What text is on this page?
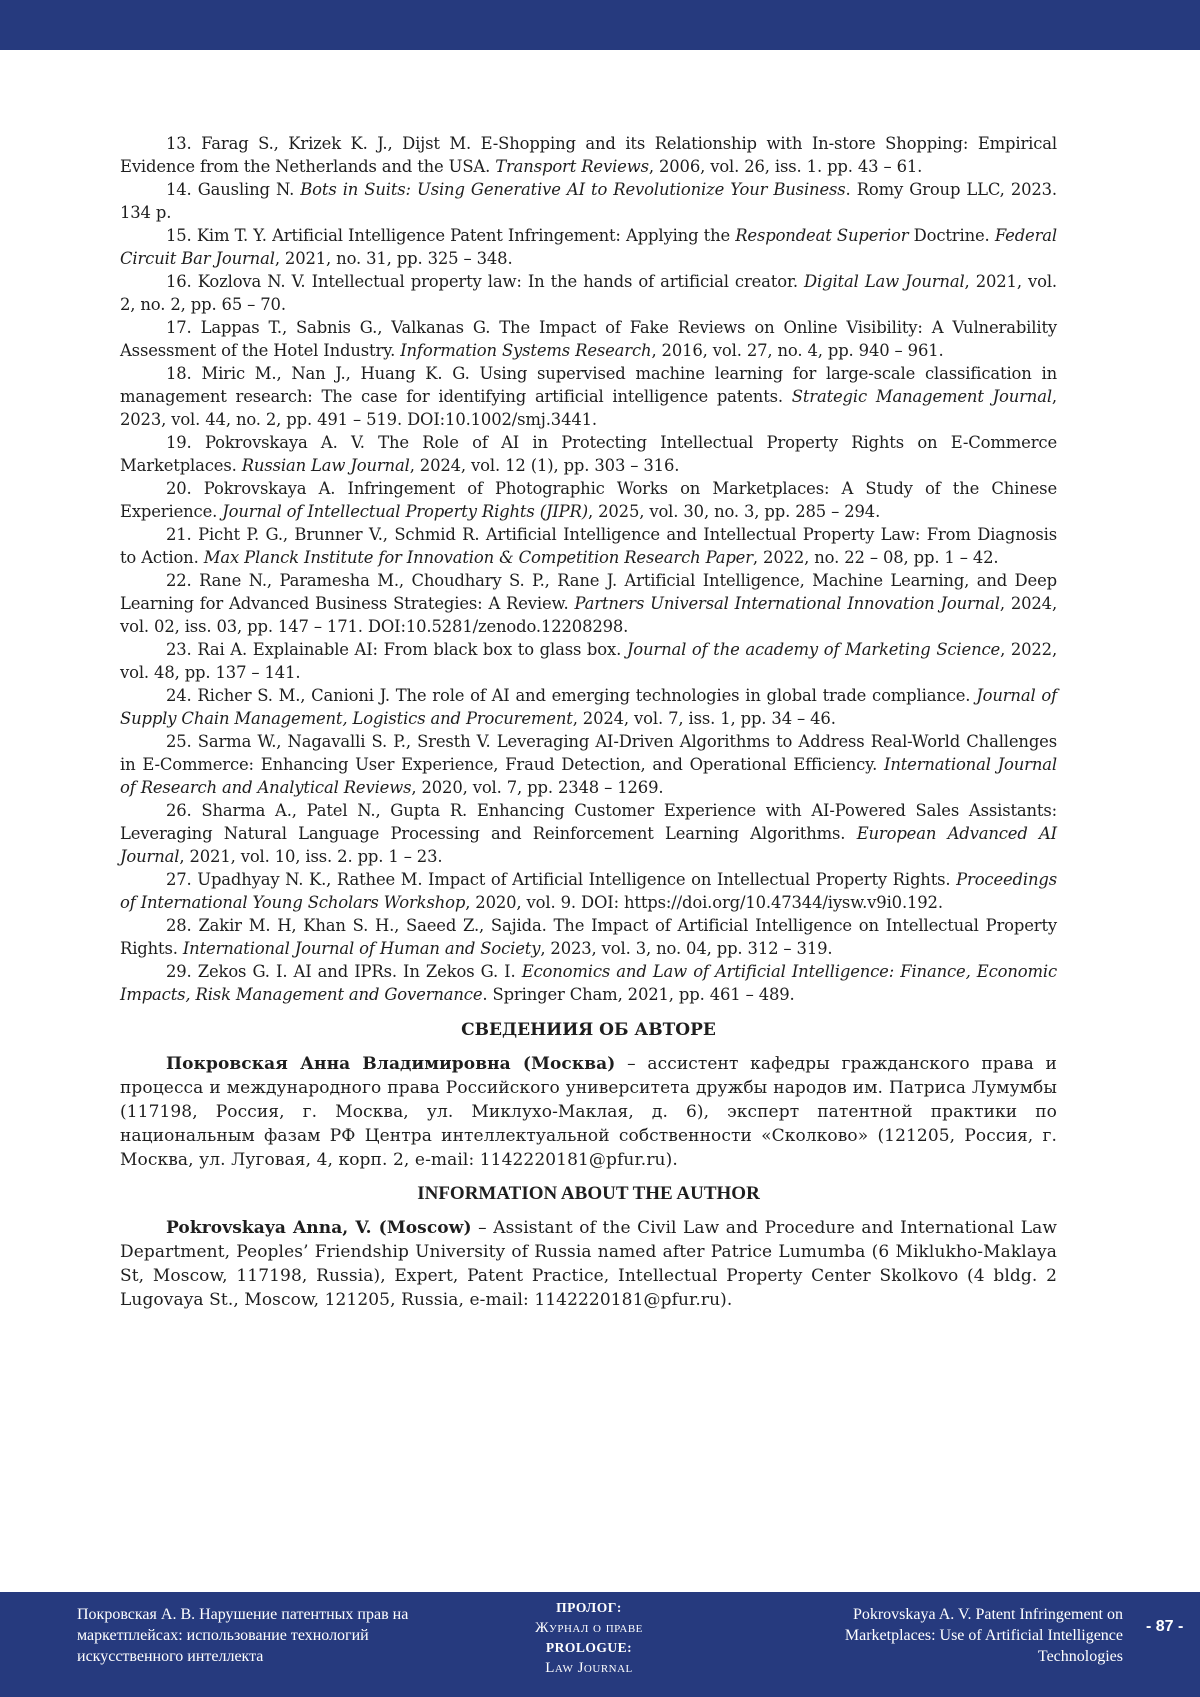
13. Farag S., Krizek K. J., Dijst M. E-Shopping and its Relationship with In-store Shopping: Empirical Evidence from the Netherlands and the USA. Transport Reviews, 2006, vol. 26, iss. 1. pp. 43 – 61.

14. Gausling N. Bots in Suits: Using Generative AI to Revolutionize Your Business. Romy Group LLC, 2023. 134 p.

15. Kim T. Y. Artificial Intelligence Patent Infringement: Applying the Respondeat Superior Doctrine. Federal Circuit Bar Journal, 2021, no. 31, pp. 325 – 348.

16. Kozlova N. V. Intellectual property law: In the hands of artificial creator. Digital Law Journal, 2021, vol. 2, no. 2, pp. 65 – 70.

17. Lappas T., Sabnis G., Valkanas G. The Impact of Fake Reviews on Online Visibility: A Vulnerability Assessment of the Hotel Industry. Information Systems Research, 2016, vol. 27, no. 4, pp. 940 – 961.

18. Miric M., Nan J., Huang K. G. Using supervised machine learning for large-scale classification in management research: The case for identifying artificial intelligence patents. Strategic Management Journal, 2023, vol. 44, no. 2, pp. 491 – 519. DOI:10.1002/smj.3441.

19. Pokrovskaya A. V. The Role of AI in Protecting Intellectual Property Rights on E-Commerce Marketplaces. Russian Law Journal, 2024, vol. 12 (1), pp. 303 – 316.

20. Pokrovskaya A. Infringement of Photographic Works on Marketplaces: A Study of the Chinese Experience. Journal of Intellectual Property Rights (JIPR), 2025, vol. 30, no. 3, pp. 285 – 294.

21. Picht P. G., Brunner V., Schmid R. Artificial Intelligence and Intellectual Property Law: From Diagnosis to Action. Max Planck Institute for Innovation & Competition Research Paper, 2022, no. 22 – 08, pp. 1 – 42.

22. Rane N., Paramesha M., Choudhary S. P., Rane J. Artificial Intelligence, Machine Learning, and Deep Learning for Advanced Business Strategies: A Review. Partners Universal International Innovation Journal, 2024, vol. 02, iss. 03, pp. 147 – 171. DOI:10.5281/zenodo.12208298.

23. Rai A. Explainable AI: From black box to glass box. Journal of the academy of Marketing Science, 2022, vol. 48, pp. 137 – 141.

24. Richer S. M., Canioni J. The role of AI and emerging technologies in global trade compliance. Journal of Supply Chain Management, Logistics and Procurement, 2024, vol. 7, iss. 1, pp. 34 – 46.

25. Sarma W., Nagavalli S. P., Sresth V. Leveraging AI-Driven Algorithms to Address Real-World Challenges in E-Commerce: Enhancing User Experience, Fraud Detection, and Operational Efficiency. International Journal of Research and Analytical Reviews, 2020, vol. 7, pp. 2348 – 1269.

26. Sharma A., Patel N., Gupta R. Enhancing Customer Experience with AI-Powered Sales Assistants: Leveraging Natural Language Processing and Reinforcement Learning Algorithms. European Advanced AI Journal, 2021, vol. 10, iss. 2. pp. 1 – 23.

27. Upadhyay N. K., Rathee M. Impact of Artificial Intelligence on Intellectual Property Rights. Proceedings of International Young Scholars Workshop, 2020, vol. 9. DOI: https://doi.org/10.47344/iysw.v9i0.192.

28. Zakir M. H, Khan S. H., Saeed Z., Sajida. The Impact of Artificial Intelligence on Intellectual Property Rights. International Journal of Human and Society, 2023, vol. 3, no. 04, pp. 312 – 319.

29. Zekos G. I. AI and IPRs. In Zekos G. I. Economics and Law of Artificial Intelligence: Finance, Economic Impacts, Risk Management and Governance. Springer Cham, 2021, pp. 461 – 489.

СВЕДЕНИИЯ ОБ АВТОРЕ

Покровская Анна Владимировна (Москва) – ассистент кафедры гражданского права и процесса и международного права Российского университета дружбы народов им. Патриса Лумумбы (117198, Россия, г. Москва, ул. Миклухо-Маклая, д. 6), эксперт патентной практики по национальным фазам РФ Центра интеллектуальной собственности «Сколково» (121205, Россия, г. Москва, ул. Луговая, 4, корп. 2, e-mail: 1142220181@pfur.ru).

INFORMATION ABOUT THE AUTHOR

Pokrovskaya Anna, V. (Moscow) – Assistant of the Civil Law and Procedure and International Law Department, Peoples’ Friendship University of Russia named after Patrice Lumumba (6 Miklukho-Maklaya St, Moscow, 117198, Russia), Expert, Patent Practice, Intellectual Property Center Skolkovo (4 bldg. 2 Lugovaya St., Moscow, 121205, Russia, e-mail: 1142220181@pfur.ru).

Покровская А. В. Нарушение патентных прав на маркетплейсах: использование технологий искусственного интеллекта
ПРОЛОГ:
Журнал о праве
PROLOGUE:
Law Journal
Pokrovskaya A. V. Patent Infringement on Marketplaces: Use of Artificial Intelligence Technologies
- 87 -
